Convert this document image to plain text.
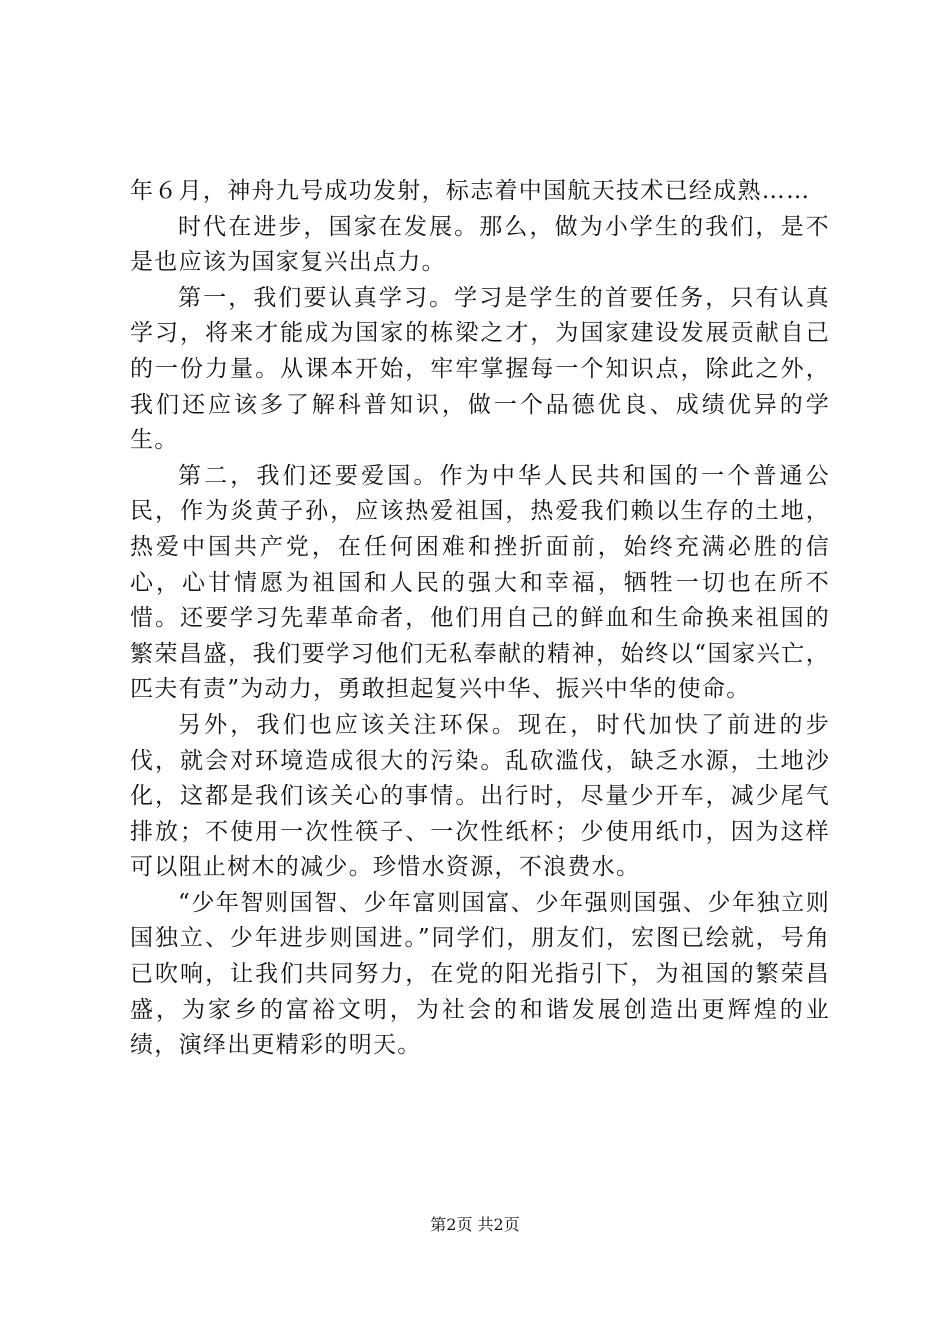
年６月，神舟九号成功发射，标志着中国航天技术已经成熟……

时代在进步，国家在发展。那么，做为小学生的我们，是不是也应该为国家复兴出点力。

第一，我们要认真学习。学习是学生的首要任务，只有认真学习，将来才能成为国家的栋梁之才，为国家建设发展贡献自己的一份力量。从课本开始，牢牢掌握每一个知识点，除此之外，我们还应该多了解科普知识，做一个品德优良、成绩优异的学生。

第二，我们还要爱国。作为中华人民共和国的一个普通公民，作为炎黄子孙，应该热爱祖国，热爱我们赖以生存的土地，热爱中国共产党，在任何困难和挫折面前，始终充满必胜的信心，心甘情愿为祖国和人民的强大和幸福，牺牲一切也在所不惜。还要学习先辈革命者，他们用自己的鲜血和生命换来祖国的繁荣昌盛，我们要学习他们无私奉献的精神，始终以“国家兴亡，匹夫有责”为动力，勇敢担起复兴中华、振兴中华的使命。

另外，我们也应该关注环保。现在，时代加快了前进的步伐，就会对环境造成很大的污染。乱砍滥伐，缺乏水源，土地沙化，这都是我们该关心的事情。出行时，尽量少开车，减少尾气排放；不使用一次性筷子、一次性纸杯；少使用纸巾，因为这样可以阻止树木的减少。珍惜水资源，不浪费水。

“少年智则国智、少年富则国富、少年强则国强、少年独立则国独立、少年进步则国进。”同学们，朋友们，宏图已绘就，号角已吹响，让我们共同努力，在党的阳光指引下，为祖国的繁荣昌盛，为家乡的富裕文明，为社会的和谐发展创造出更辉煌的业绩，演绎出更精彩的明天。

第2页 共2页
